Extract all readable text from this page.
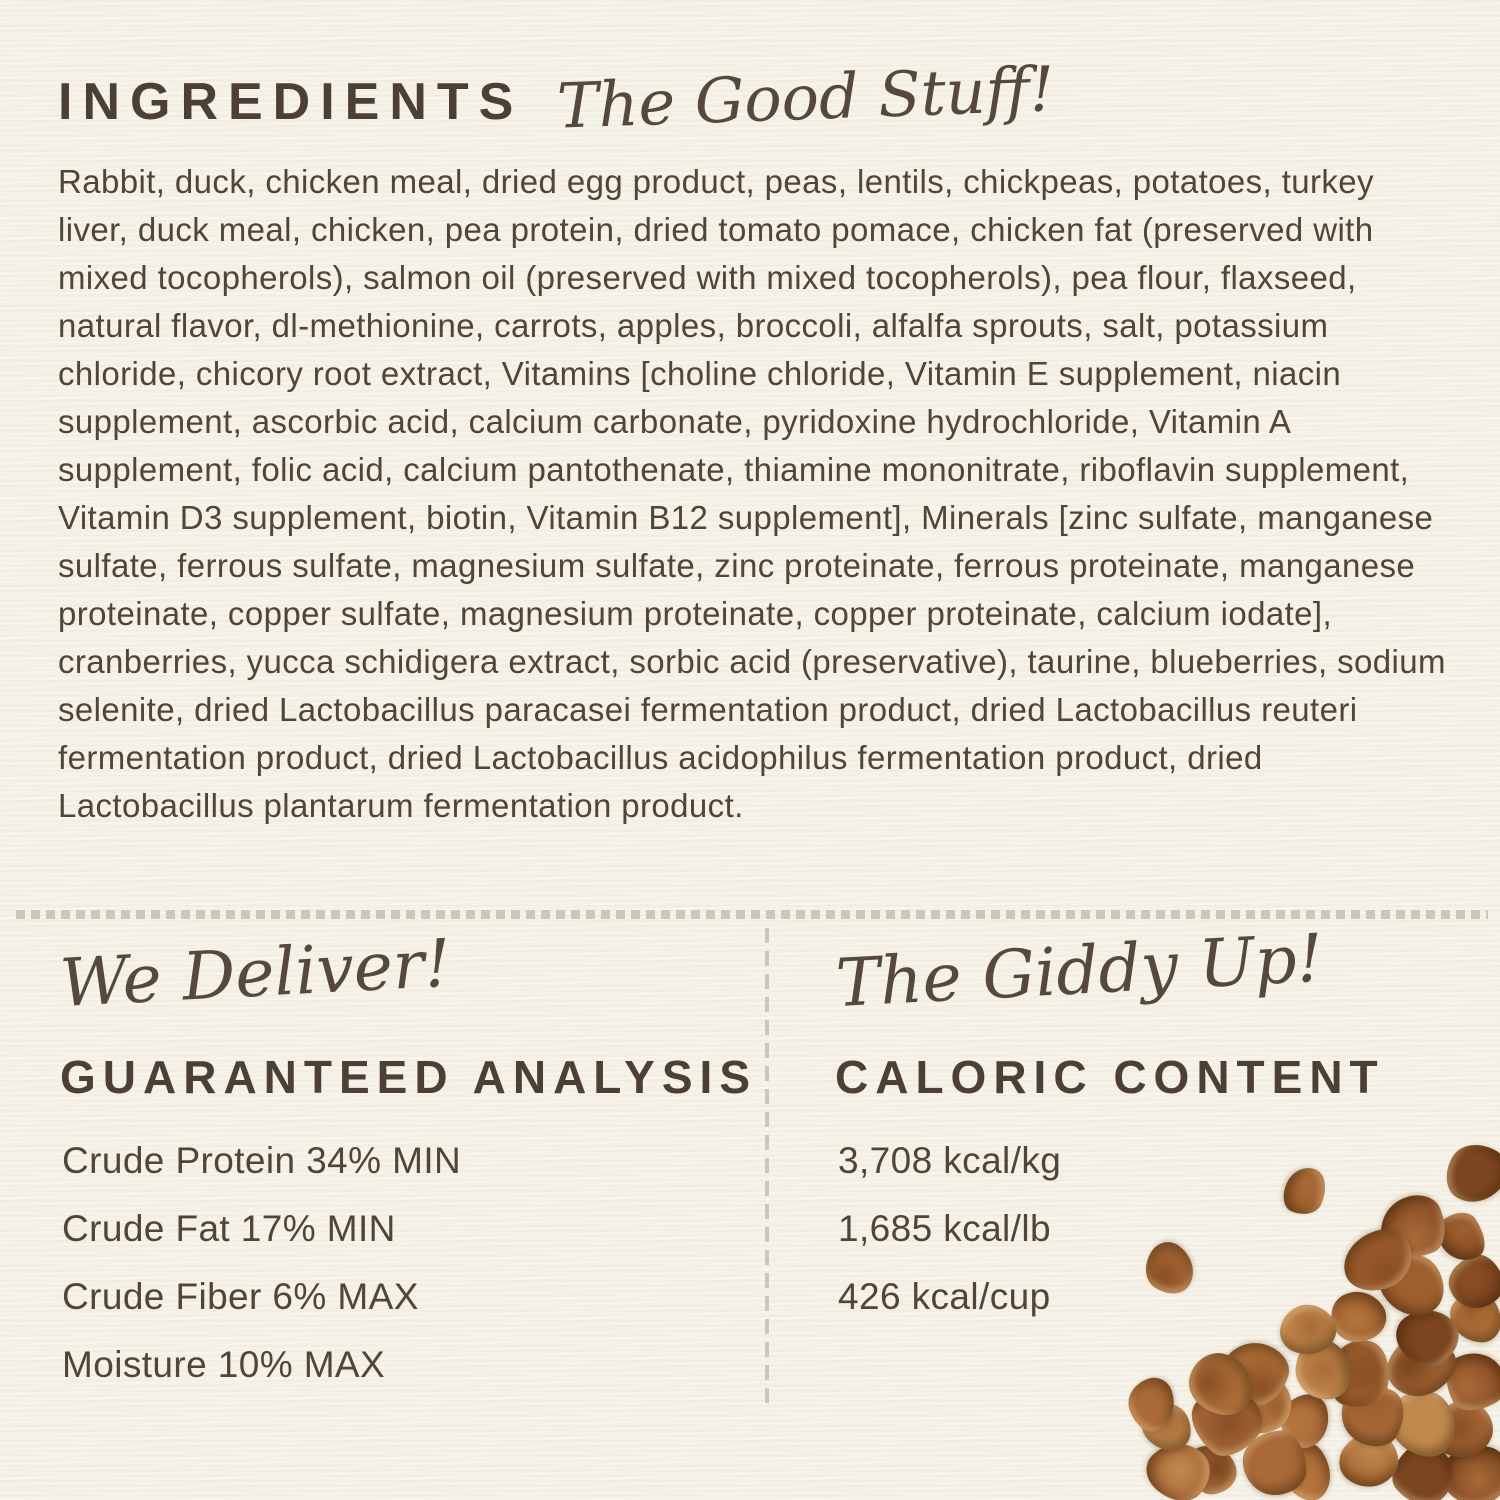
INGREDIENTS The Good Stuff!
Rabbit, duck, chicken meal, dried egg product, peas, lentils, chickpeas, potatoes, turkey liver, duck meal, chicken, pea protein, dried tomato pomace, chicken fat (preserved with mixed tocopherols), salmon oil (preserved with mixed tocopherols), pea flour, flaxseed, natural flavor, dl-methionine, carrots, apples, broccoli, alfalfa sprouts, salt, potassium chloride, chicory root extract, Vitamins [choline chloride, Vitamin E supplement, niacin supplement, ascorbic acid, calcium carbonate, pyridoxine hydrochloride, Vitamin A supplement, folic acid, calcium pantothenate, thiamine mononitrate, riboflavin supplement, Vitamin D3 supplement, biotin, Vitamin B12 supplement], Minerals [zinc sulfate, manganese sulfate, ferrous sulfate, magnesium sulfate, zinc proteinate, ferrous proteinate, manganese proteinate, copper sulfate, magnesium proteinate, copper proteinate, calcium iodate], cranberries, yucca schidigera extract, sorbic acid (preservative), taurine, blueberries, sodium selenite, dried Lactobacillus paracasei fermentation product, dried Lactobacillus reuteri fermentation product, dried Lactobacillus acidophilus fermentation product, dried Lactobacillus plantarum fermentation product.
We Deliver!
GUARANTEED ANALYSIS
Crude Protein 34% MIN
Crude Fat 17% MIN
Crude Fiber 6% MAX
Moisture 10% MAX
The Giddy Up!
CALORIC CONTENT
3,708 kcal/kg
1,685 kcal/lb
426 kcal/cup
